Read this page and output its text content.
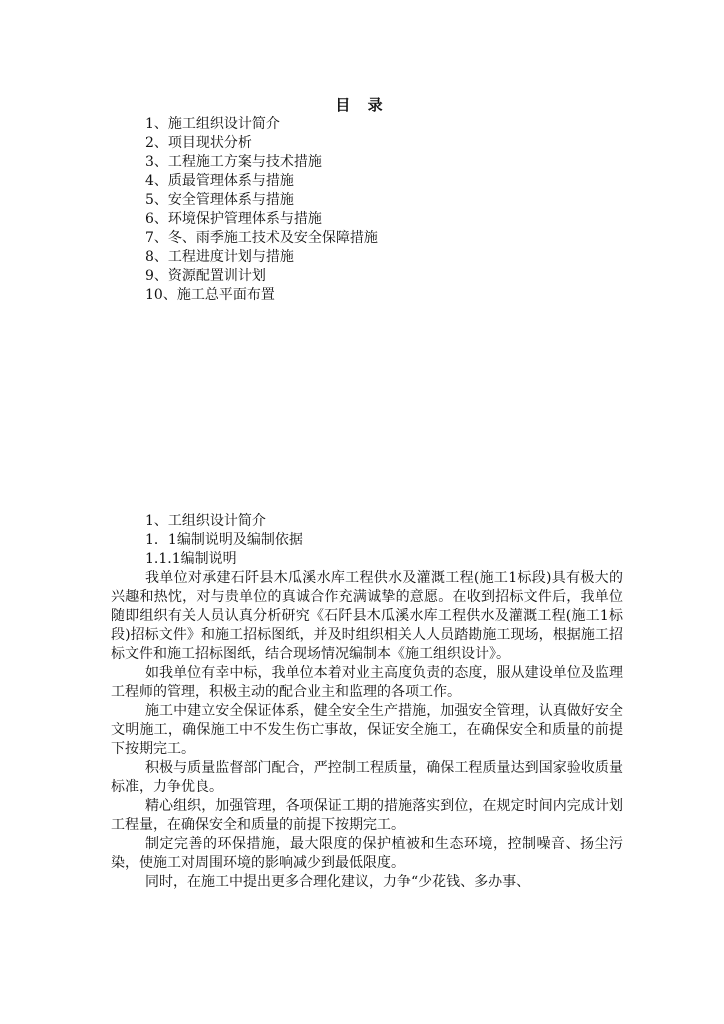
目 录
1、施工组织设计简介
2、项目现状分析
3、工程施工方案与技术措施
4、质最管理体系与措施
5、安全管理体系与措施
6、环境保护管理体系与措施
7、冬、雨季施工技术及安全保障措施
8、工程进度计划与措施
9、资源配置训计划
10、施工总平面布置
1、工组织设计简介
1．1编制说明及编制依据
1.1.1编制说明

我单位对承建石阡县木瓜溪水库工程供水及灌溉工程(施工1标段)具有极大的兴趣和热忱，对与贵单位的真诚合作充满诚挚的意愿。在收到招标文件后，我单位随即组织有关人员认真分析研究《石阡县木瓜溪水库工程供水及灌溉工程(施工1标段)招标文件》和施工招标图纸，并及时组织相关人人员踏勘施工现场，根据施工招标文件和施工招标图纸，结合现场情况编制本《施工组织设计》。

如我单位有幸中标，我单位本着对业主高度负责的态度，服从建设单位及监理工程师的管理，积极主动的配合业主和监理的各项工作。

施工中建立安全保证体系，健全安全生产措施，加强安全管理，认真做好安全文明施工，确保施工中不发生伤亡事故，保证安全施工，在确保安全和质量的前提下按期完工。

积极与质量监督部门配合，严控制工程质量，确保工程质量达到国家验收质量标准，力争优良。

精心组织，加强管理，各项保证工期的措施落实到位，在规定时间内完成计划工程量，在确保安全和质量的前提下按期完工。

制定完善的环保措施，最大限度的保护植被和生态环境，控制噪音、扬尘污染，使施工对周围环境的影响减少到最低限度。

同时，在施工中提出更多合理化建议，力争“少花钱、多办事、
